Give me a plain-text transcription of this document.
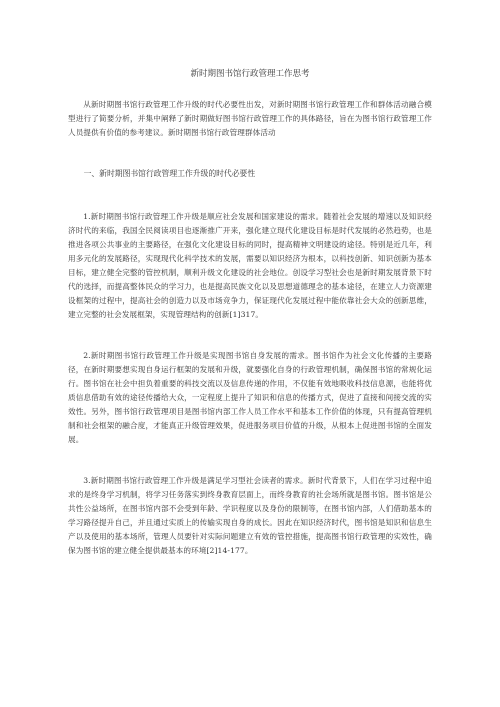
新时期图书馆行政管理工作思考

从新时期图书馆行政管理工作升级的时代必要性出发，对新时期图书馆行政管理工作和群体活动融合模型进行了简要分析，并集中阐释了新时期做好图书馆行政管理工作的具体路径，旨在为图书馆行政管理工作人员提供有价值的参考建议。新时期图书馆行政管理群体活动

一、新时期图书馆行政管理工作升级的时代必要性

1.新时期图书馆行政管理工作升级是顺应社会发展和国家建设的需求。随着社会发展的增速以及知识经济时代的来临，我国全民阅读项目也逐渐推广开来，强化建立现代化建设目标是时代发展的必然趋势，也是推进各项公共事业的主要路径，在强化文化建设目标的同时，提高精神文明建设的途径。特别是近几年，利用多元化的发展路径，实现现代化科学技术的发展，需要以知识经济为根本，以科技创新、知识创新为基本目标，建立健全完整的管控机制，顺利升级文化建设的社会地位。创设学习型社会也是新时期发展背景下时代的选择，而提高整体民众的学习力，也是提高民族文化以及思想道德理念的基本途径，在建立人力资源建设框架的过程中，提高社会的创造力以及市场竞争力，保证现代化发展过程中能依靠社会大众的创新思维，建立完整的社会发展框架，实现管理结构的创新[1]317。

2.新时期图书馆行政管理工作升级是实现图书馆自身发展的需求。图书馆作为社会文化传播的主要路径，在新时期要想实现自身运行框架的发展和升级，就要强化自身的行政管理机制，确保图书馆的常规化运行。图书馆在社会中担负着重要的科技交流以及信息传递的作用，不仅能有效地吸收科技信息源，也能将优质信息借助有效的途径传播给大众，一定程度上提升了知识和信息的传播方式，促进了直接和间接交流的实效性。另外，图书馆行政管理项目是图书馆内部工作人员工作水平和基本工作价值的体现，只有提高管理机制和社会框架的融合度，才能真正升级管理效果，促进服务项目价值的升级，从根本上促进图书馆的全面发展。

3.新时期图书馆行政管理工作升级是满足学习型社会读者的需求。新时代背景下，人们在学习过程中追求的是终身学习机制，将学习任务落实到终身教育层面上，而终身教育的社会场所就是图书馆。图书馆是公共性公益场所，在图书馆内部不会受到年龄、学识程度以及身份的限制等，在图书馆内部，人们借助基本的学习路径提升自己，并且通过实质上的传输实现自身的成长。因此在知识经济时代，图书馆是知识和信息生产以及使用的基本场所，管理人员要针对实际问题建立有效的管控措施，提高图书馆行政管理的实效性，确保为图书馆的建立健全提供最基本的环境[2]14-177。
